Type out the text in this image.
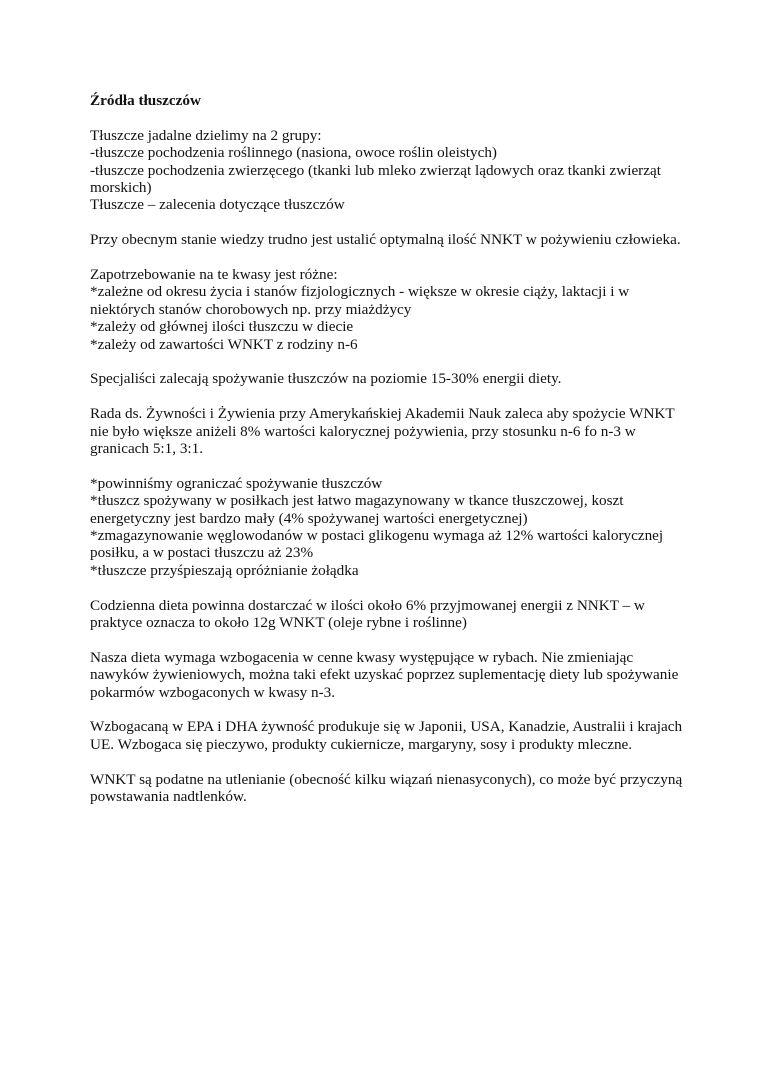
Źródła tłuszczów
Tłuszcze jadalne dzielimy na 2 grupy:
-tłuszcze pochodzenia roślinnego (nasiona, owoce roślin oleistych)
-tłuszcze pochodzenia zwierzęcego (tkanki lub mleko zwierząt lądowych oraz tkanki zwierząt morskich)
Tłuszcze – zalecenia dotyczące tłuszczów
Przy obecnym stanie wiedzy trudno jest ustalić optymalną ilość NNKT w pożywieniu człowieka.
Zapotrzebowanie na te kwasy jest różne:
*zależne od okresu życia i stanów fizjologicznych - większe w okresie ciąży, laktacji i w niektórych stanów chorobowych np. przy miażdżycy
*zależy od głównej ilości tłuszczu w diecie
*zależy od zawartości WNKT z rodziny n-6
Specjaliści zalecają spożywanie tłuszczów na poziomie 15-30% energii diety.
Rada ds. Żywności i Żywienia przy Amerykańskiej Akademii Nauk zaleca aby spożycie WNKT nie było większe aniżeli 8% wartości kalorycznej pożywienia, przy stosunku n-6 fo n-3 w granicach 5:1, 3:1.
*powinniśmy ograniczać spożywanie tłuszczów
*tłuszcz spożywany w posiłkach jest łatwo magazynowany w tkance tłuszczowej, koszt energetyczny jest bardzo mały (4% spożywanej wartości energetycznej)
*zmagazynowanie węglowodanów w postaci glikogenu wymaga aż 12% wartości kalorycznej posiłku, a w postaci tłuszczu aż 23%
*tłuszcze przyśpieszają opróżnianie żołądka
Codzienna dieta powinna dostarczać w ilości około 6% przyjmowanej energii z NNKT – w praktyce oznacza to około 12g WNKT (oleje rybne i roślinne)
Nasza dieta wymaga wzbogacenia w cenne kwasy występujące w rybach. Nie zmieniając nawyków żywieniowych, można taki efekt uzyskać poprzez suplementację diety lub spożywanie pokarmów wzbogaconych w kwasy n-3.
Wzbogacaną w EPA i DHA żywność produkuje się w Japonii, USA, Kanadzie, Australii i krajach UE. Wzbogaca się pieczywo, produkty cukiernicze, margaryny, sosy i produkty mleczne.
WNKT są podatne na utlenianie (obecność kilku wiązań nienasyconych), co może być przyczyną powstawania nadtlenków.
